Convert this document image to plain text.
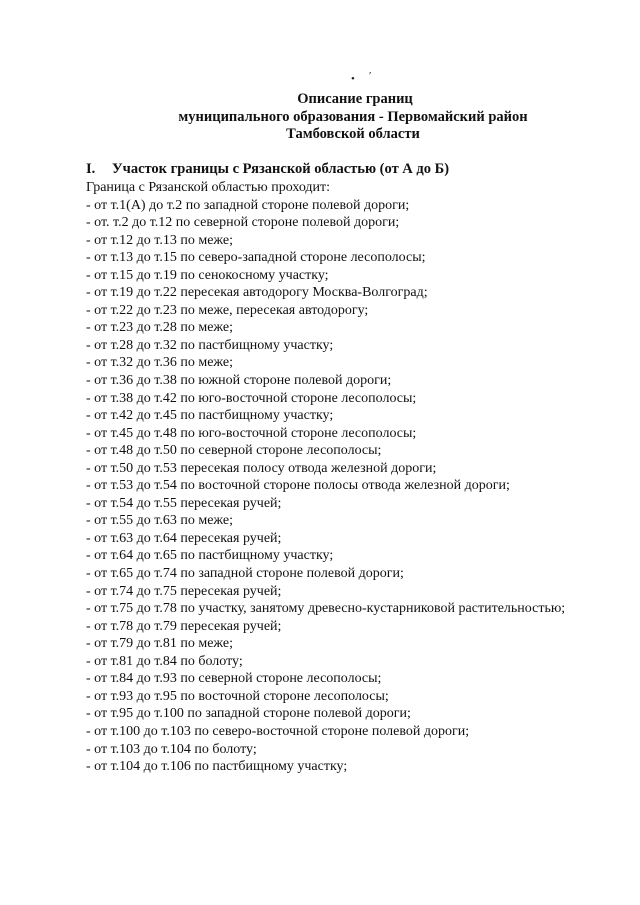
• ′
Описание границ
муниципального образования - Первомайский район
Тамбовской области
I. Участок границы с Рязанской областью (от А до Б)
Граница с Рязанской областью проходит:
- от т.1(А) до т.2 по западной стороне полевой дороги;
- от. т.2 до т.12 по северной стороне полевой дороги;
- от т.12 до т.13 по меже;
- от т.13 до т.15 по северо-западной стороне лесополосы;
- от т.15 до т.19 по сенокосному участку;
- от т.19 до т.22 пересекая автодорогу Москва-Волгоград;
- от т.22 до т.23 по меже, пересекая автодорогу;
- от т.23 до т.28 по меже;
- от т.28 до т.32 по пастбищному участку;
- от т.32 до т.36 по меже;
- от т.36 до т.38 по южной стороне полевой дороги;
- от т.38 до т.42 по юго-восточной стороне лесополосы;
- от т.42 до т.45 по пастбищному участку;
- от т.45 до т.48 по юго-восточной стороне лесополосы;
- от т.48 до т.50 по северной стороне лесополосы;
- от т.50 до т.53 пересекая полосу отвода железной дороги;
- от т.53 до т.54 по восточной стороне полосы отвода железной дороги;
- от т.54 до т.55 пересекая ручей;
- от т.55 до т.63 по меже;
- от т.63 до т.64 пересекая ручей;
- от т.64 до т.65 по пастбищному участку;
- от т.65 до т.74 по западной стороне полевой дороги;
- от т.74 до т.75 пересекая ручей;
- от т.75 до т.78 по участку, занятому древесно-кустарниковой растительностью;
- от т.78 до т.79 пересекая ручей;
- от т.79 до т.81 по меже;
- от т.81 до т.84 по болоту;
- от т.84 до т.93 по северной стороне лесополосы;
- от т.93 до т.95 по восточной стороне лесополосы;
- от т.95 до т.100 по западной стороне полевой дороги;
- от т.100 до т.103 по северо-восточной стороне полевой дороги;
- от т.103 до т.104 по болоту;
- от т.104 до т.106 по пастбищному участку;
